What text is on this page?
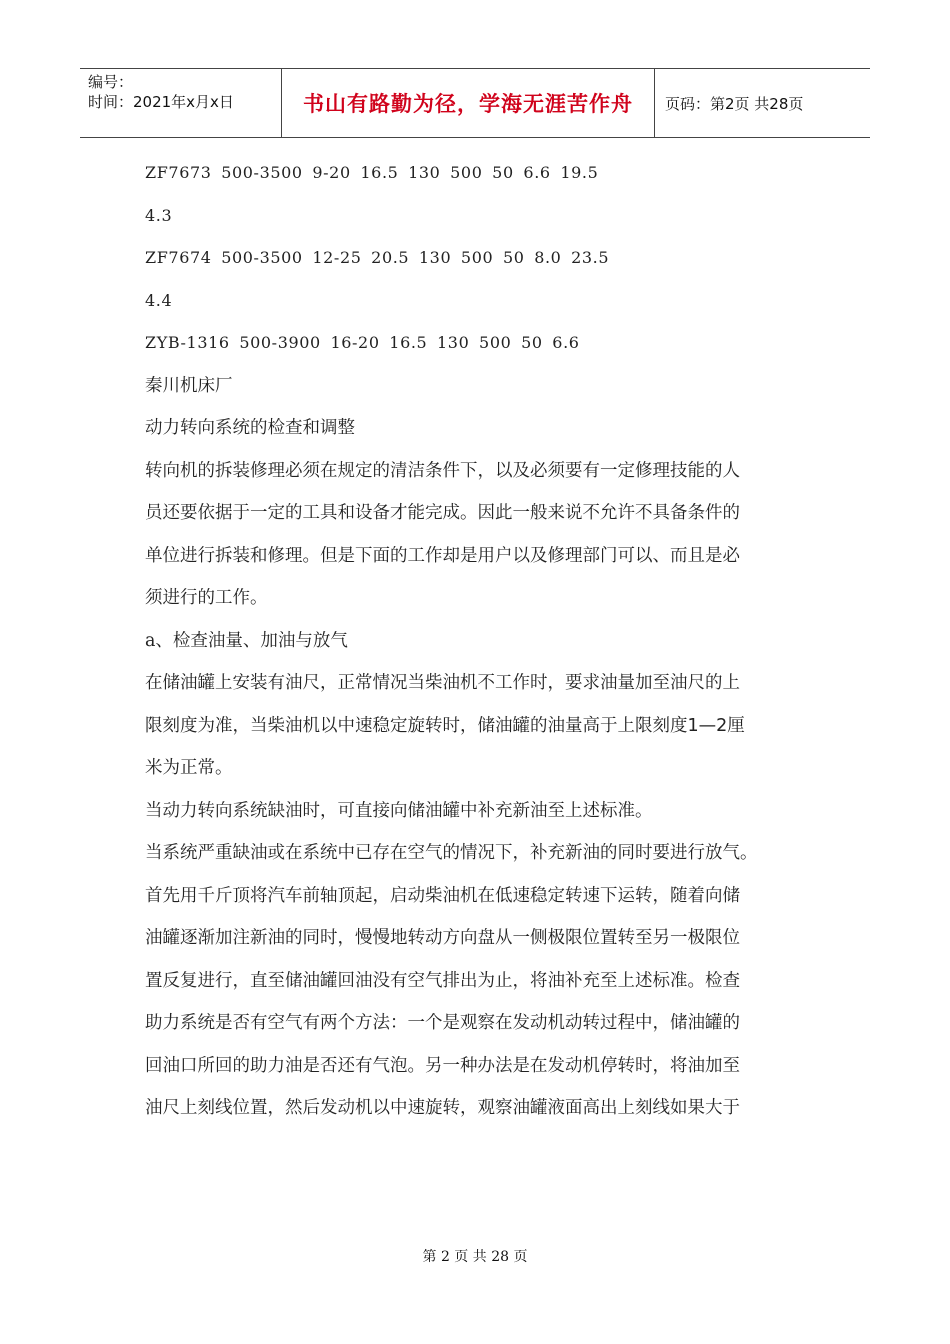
编号：
时间：2021年x月x日	书山有路勤为径，学海无涯苦作舟 页码：第2页 共28页
ZF7673 500-3500 9-20 16.5 130 500 50 6.6 19.5
4.3
ZF7674 500-3500 12-25 20.5 130 500 50 8.0 23.5
4.4
ZYB-1316 500-3900 16-20 16.5 130 500 50 6.6
秦川机床厂
动力转向系统的检查和调整
转向机的拆装修理必须在规定的清洁条件下，以及必须要有一定修理技能的人
员还要依据于一定的工具和设备才能完成。因此一般来说不允许不具备条件的
单位进行拆装和修理。但是下面的工作却是用户以及修理部门可以、而且是必
须进行的工作。
a、检查油量、加油与放气
在储油罐上安装有油尺，正常情况当柴油机不工作时，要求油量加至油尺的上
限刻度为准，当柴油机以中速稳定旋转时，储油罐的油量高于上限刻度1—2厘
米为正常。
当动力转向系统缺油时，可直接向储油罐中补充新油至上述标准。
当系统严重缺油或在系统中已存在空气的情况下，补充新油的同时要进行放气。
首先用千斤顶将汽车前轴顶起，启动柴油机在低速稳定转速下运转，随着向储
油罐逐渐加注新油的同时，慢慢地转动方向盘从一侧极限位置转至另一极限位
置反复进行，直至储油罐回油没有空气排出为止，将油补充至上述标准。检查
助力系统是否有空气有两个方法：一个是观察在发动机动转过程中，储油罐的
回油口所回的助力油是否还有气泡。另一种办法是在发动机停转时，将油加至
油尺上刻线位置，然后发动机以中速旋转，观察油罐液面高出上刻线如果大于
第 2 页 共 28 页
